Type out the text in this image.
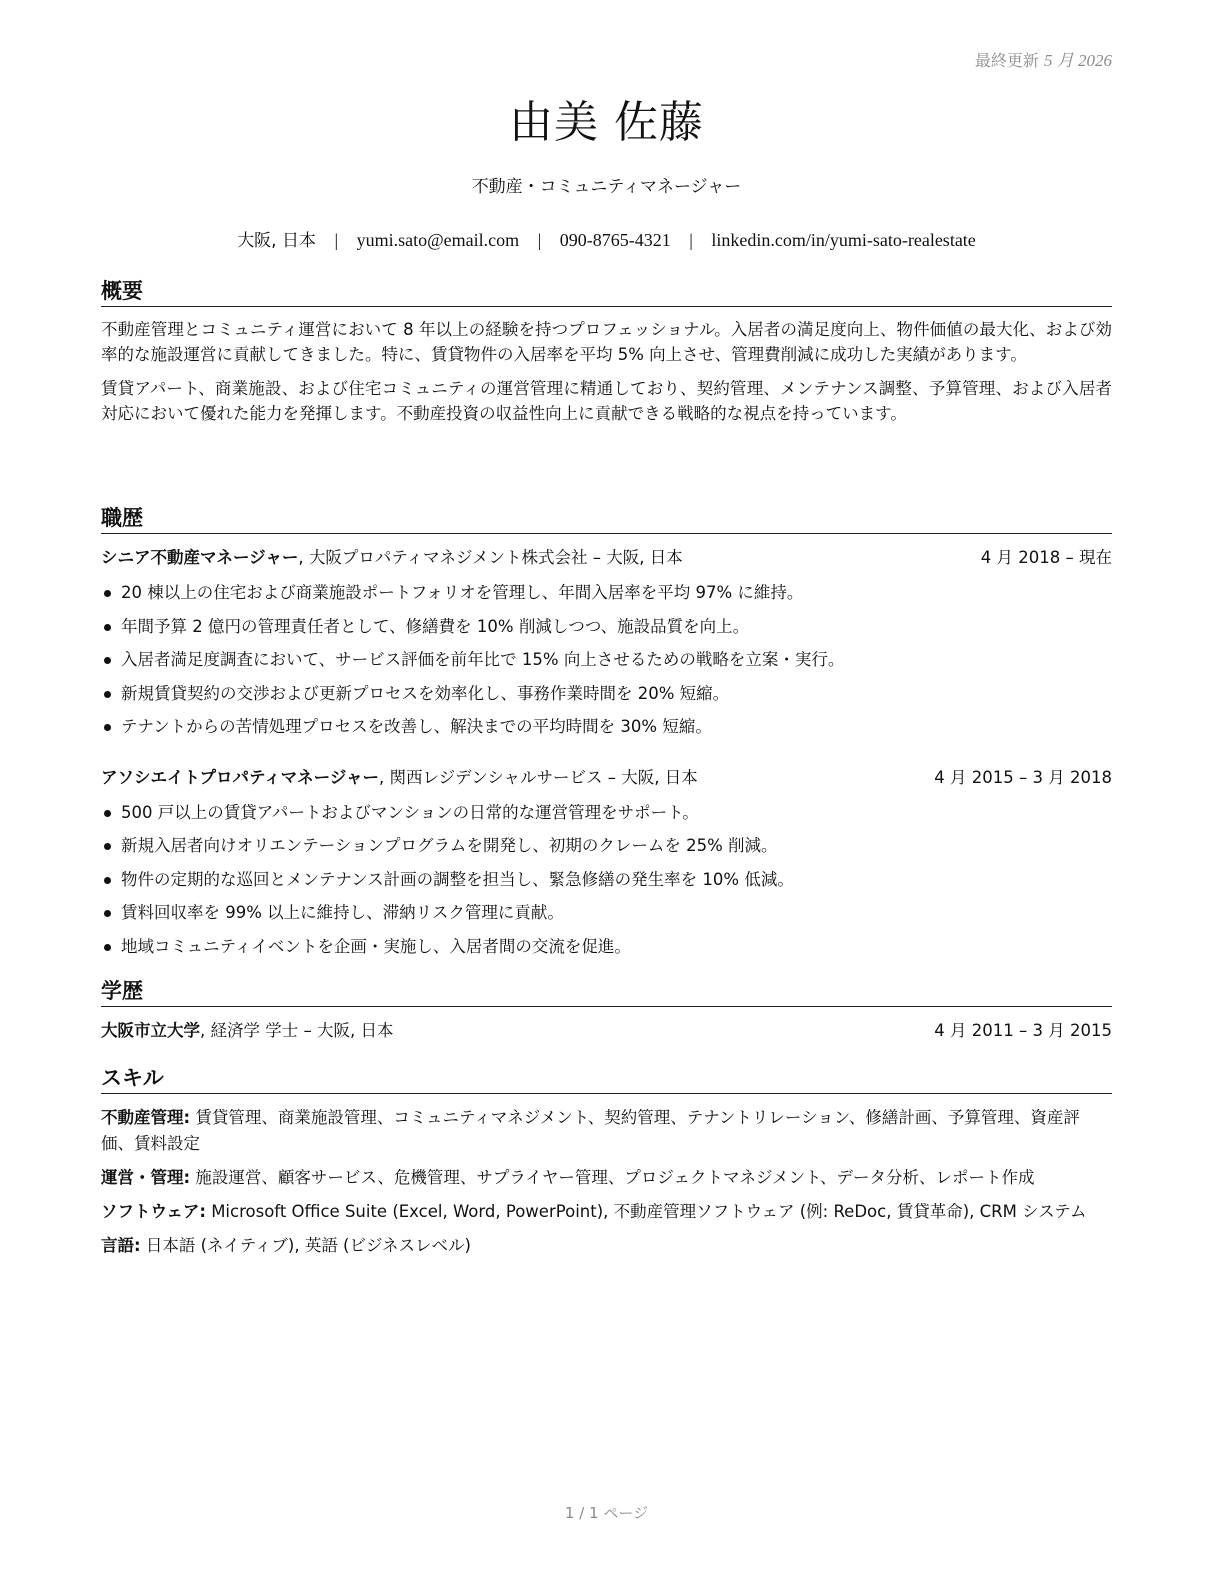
最終更新 5 月 2026
由美 佐藤
不動産・コミュニティマネージャー
大阪, 日本 | yumi.sato@email.com | 090-8765-4321 | linkedin.com/in/yumi-sato-realestate
概要

不動産管理とコミュニティ運営において 8 年以上の経験を持つプロフェッショナル。入居者の満足度向上、物件価値の最大化、および効率的な施設運営に貢献してきました。特に、賃貸物件の入居率を平均 5% 向上させ、管理費削減に成功した実績があります。

賃貸アパート、商業施設、および住宅コミュニティの運営管理に精通しており、契約管理、メンテナンス調整、予算管理、および入居者対応において優れた能力を発揮します。不動産投資の収益性向上に貢献できる戦略的な視点を持っています。

職歴
シニア不動産マネージャー, 大阪プロパティマネジメント株式会社 – 大阪, 日本	4 月 2018 – 現在
20 棟以上の住宅および商業施設ポートフォリオを管理し、年間入居率を平均 97% に維持。
年間予算 2 億円の管理責任者として、修繕費を 10% 削減しつつ、施設品質を向上。
入居者満足度調査において、サービス評価を前年比で 15% 向上させるための戦略を立案・実行。
新規賃貸契約の交渉および更新プロセスを効率化し、事務作業時間を 20% 短縮。
テナントからの苦情処理プロセスを改善し、解決までの平均時間を 30% 短縮。
アソシエイトプロパティマネージャー, 関西レジデンシャルサービス – 大阪, 日本	4 月 2015 – 3 月 2018
500 戸以上の賃貸アパートおよびマンションの日常的な運営管理をサポート。
新規入居者向けオリエンテーションプログラムを開発し、初期のクレームを 25% 削減。
物件の定期的な巡回とメンテナンス計画の調整を担当し、緊急修繕の発生率を 10% 低減。
賃料回収率を 99% 以上に維持し、滞納リスク管理に貢献。
地域コミュニティイベントを企画・実施し、入居者間の交流を促進。
学歴
大阪市立大学, 経済学 学士 – 大阪, 日本	4 月 2011 – 3 月 2015
スキル
不動産管理: 賃貸管理、商業施設管理、コミュニティマネジメント、契約管理、テナントリレーション、修繕計画、予算管理、資産評価、賃料設定
運営・管理: 施設運営、顧客サービス、危機管理、サプライヤー管理、プロジェクトマネジメント、データ分析、レポート作成
ソフトウェア: Microsoft Office Suite (Excel, Word, PowerPoint), 不動産管理ソフトウェア (例: ReDoc, 賃貸革命), CRM システム
言語: 日本語 (ネイティブ), 英語 (ビジネスレベル)
1 / 1 ページ
